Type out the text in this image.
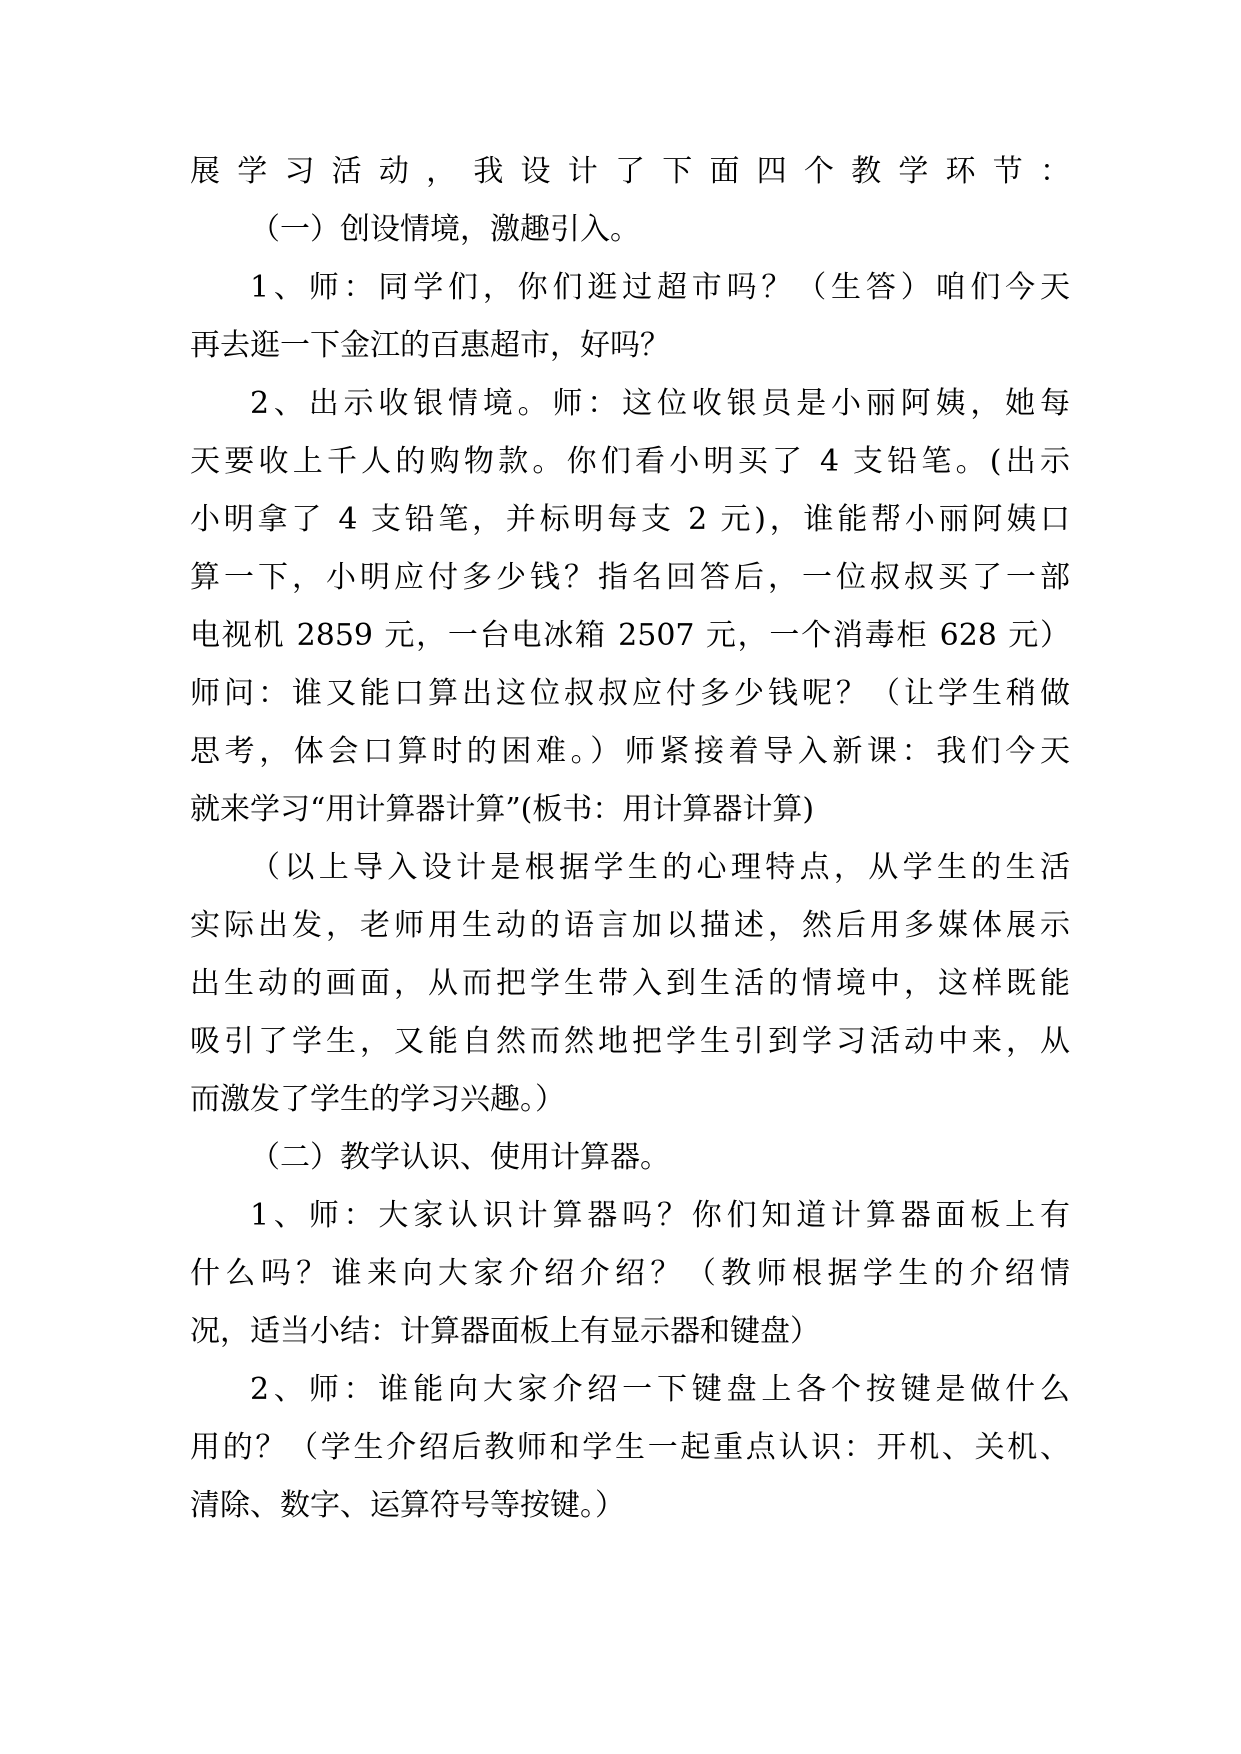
展学习活动，我设计了下面四个教学环节：
（一）创设情境，激趣引入。
1、师：同学们，你们逛过超市吗？（生答）咱们今天
再去逛一下金江的百惠超市，好吗？
2、出示收银情境。师：这位收银员是小丽阿姨，她每
天要收上千人的购物款。你们看小明买了 4 支铅笔。(出示
小明拿了 4 支铅笔，并标明每支 2 元)，谁能帮小丽阿姨口
算一下，小明应付多少钱？指名回答后，一位叔叔买了一部
电视机 2859 元，一台电冰箱 2507 元，一个消毒柜 628 元）
师问：谁又能口算出这位叔叔应付多少钱呢？（让学生稍做
思考，体会口算时的困难。）师紧接着导入新课：我们今天
就来学习“用计算器计算”(板书：用计算器计算)
（以上导入设计是根据学生的心理特点，从学生的生活
实际出发，老师用生动的语言加以描述，然后用多媒体展示
出生动的画面，从而把学生带入到生活的情境中，这样既能
吸引了学生，又能自然而然地把学生引到学习活动中来，从
而激发了学生的学习兴趣。）
（二）教学认识、使用计算器。
1、师：大家认识计算器吗？你们知道计算器面板上有
什么吗？谁来向大家介绍介绍？（教师根据学生的介绍情
况，适当小结：计算器面板上有显示器和键盘）
2、师：谁能向大家介绍一下键盘上各个按键是做什么
用的？（学生介绍后教师和学生一起重点认识：开机、关机、
清除、数字、运算符号等按键。）
